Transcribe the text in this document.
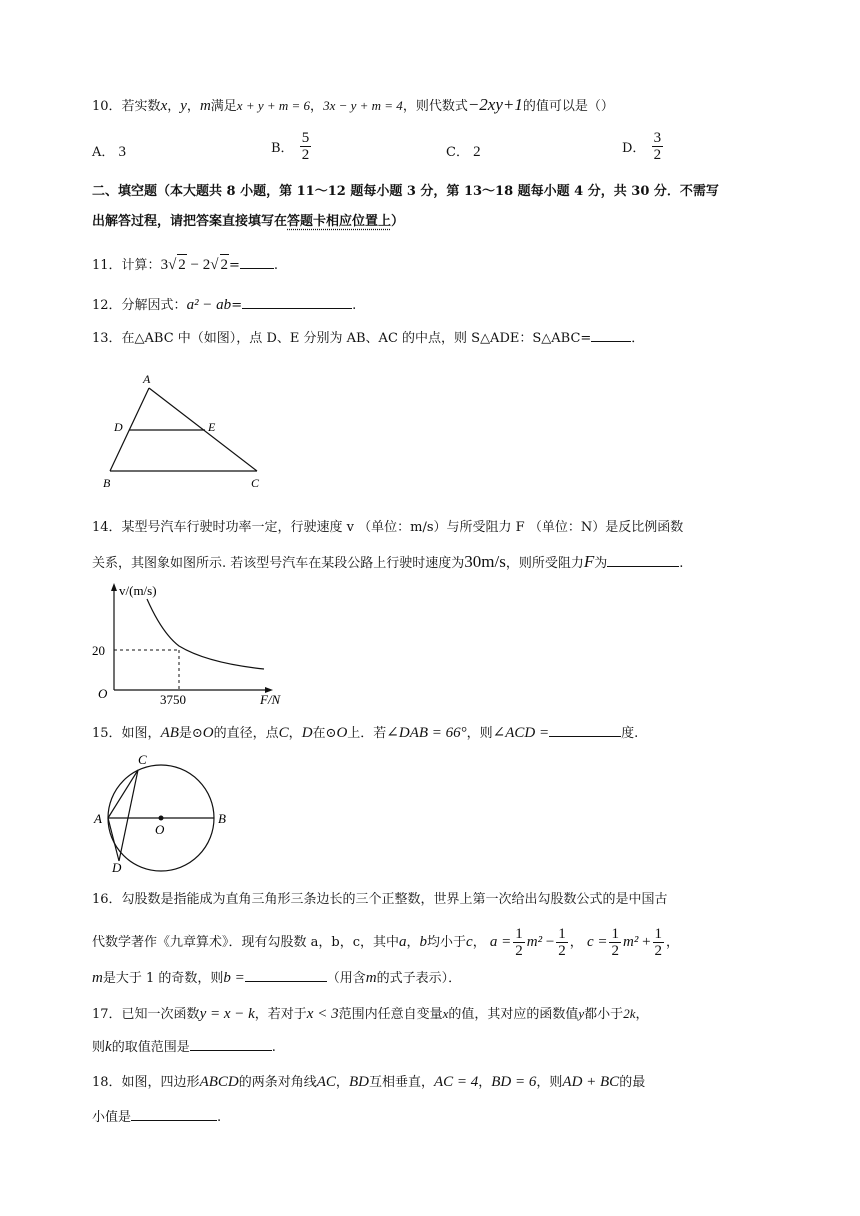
10．若实数x，y，m满足x + y + m = 6，3x − y + m = 4，则代数式−2xy+1的值可以是（）
A． 3	B． $\frac{5}{2}$	C． 2	D． $\frac{3}{2}$
二、填空题（本大题共 8 小题，第 11～12 题每小题 3 分，第 13～18 题每小题 4 分，共 30 分．不需写
出解答过程，请把答案直接填写在答题卡相应位置上）
11．计算：3√ 2 − 2√ 2=	.
12．分解因式：a² − ab=	.
13．在△ABC 中（如图），点 D、E 分别为 AB、AC 的中点，则 S△ADE：S△ABC=	．
A
D	E
B	C
14．某型号汽车行驶时功率一定，行驶速度 v （单位：m/s）与所受阻力 F （单位：N）是反比例函数
关系，其图象如图所示. 若该型号汽车在某段公路上行驶时速度为30m/s，则所受阻力F为	.
v/(m/s)
20
3750	F/N
O
15．如图，AB是⊙O的直径，点C，D在⊙O上．若∠DAB = 66°，则∠ACD =	度.
C
A	B
O
D
16．勾股数是指能成为直角三角形三条边长的三个正整数，世界上第一次给出勾股数公式的是中国古
代数学著作《九章算术》．现有勾股数 a，b，c，其中a，b均小于c， $a = \frac{1}{2} m^2 - \frac{1}{2}$ ， $c = \frac{1}{2} m^2 + \frac{1}{2}$ ，
m是大于 1 的奇数，则b =	（用含m的式子表示）．
17．已知一次函数y = x − k，若对于x < 3范围内任意自变量x的值，其对应的函数值y都小于2k，
则k的取值范围是	.
18．如图，四边形ABCD的两条对角线AC，BD互相垂直，AC = 4，BD = 6，则AD + BC的最
小值是	.
